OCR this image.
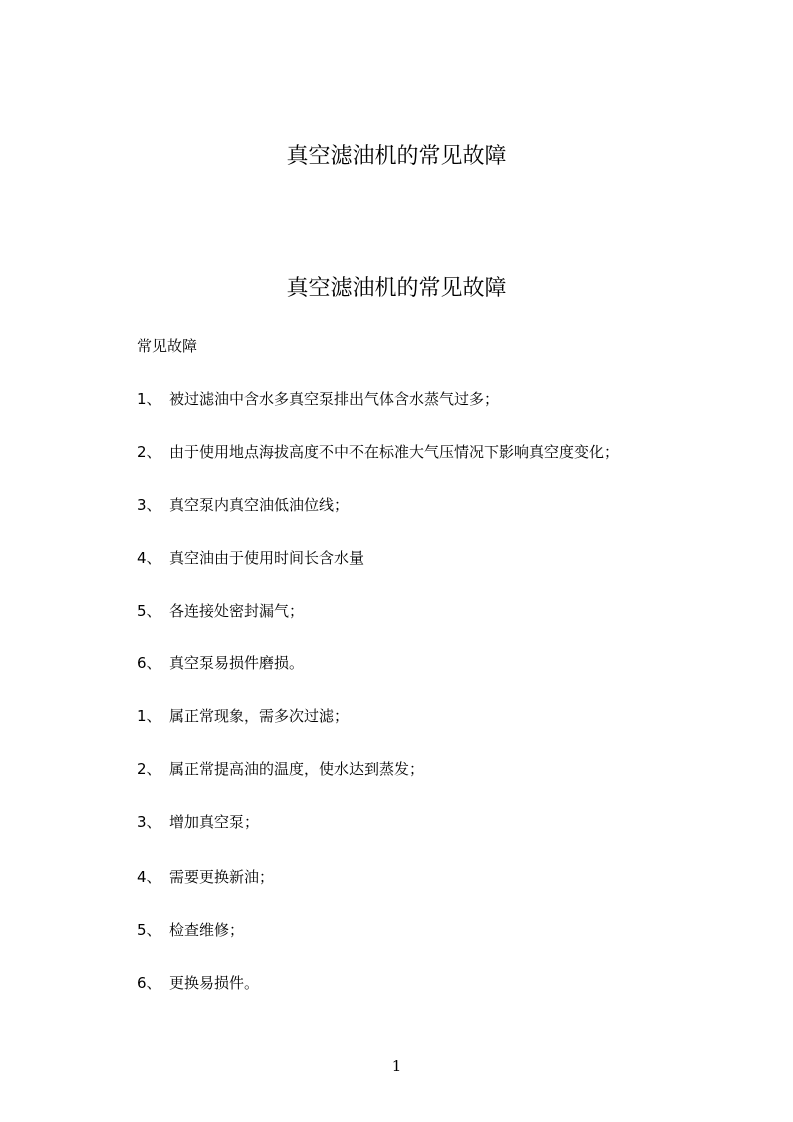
真空滤油机的常见故障
真空滤油机的常见故障
常见故障
1、 被过滤油中含水多真空泵排出气体含水蒸气过多；
2、 由于使用地点海拔高度不中不在标准大气压情况下影响真空度变化；
3、 真空泵内真空油低油位线；
4、 真空油由于使用时间长含水量
5、 各连接处密封漏气；
6、 真空泵易损件磨损。
1、 属正常现象，需多次过滤；
2、 属正常提高油的温度，使水达到蒸发；
3、 增加真空泵；
4、 需要更换新油；
5、 检查维修；
6、 更换易损件。
1
